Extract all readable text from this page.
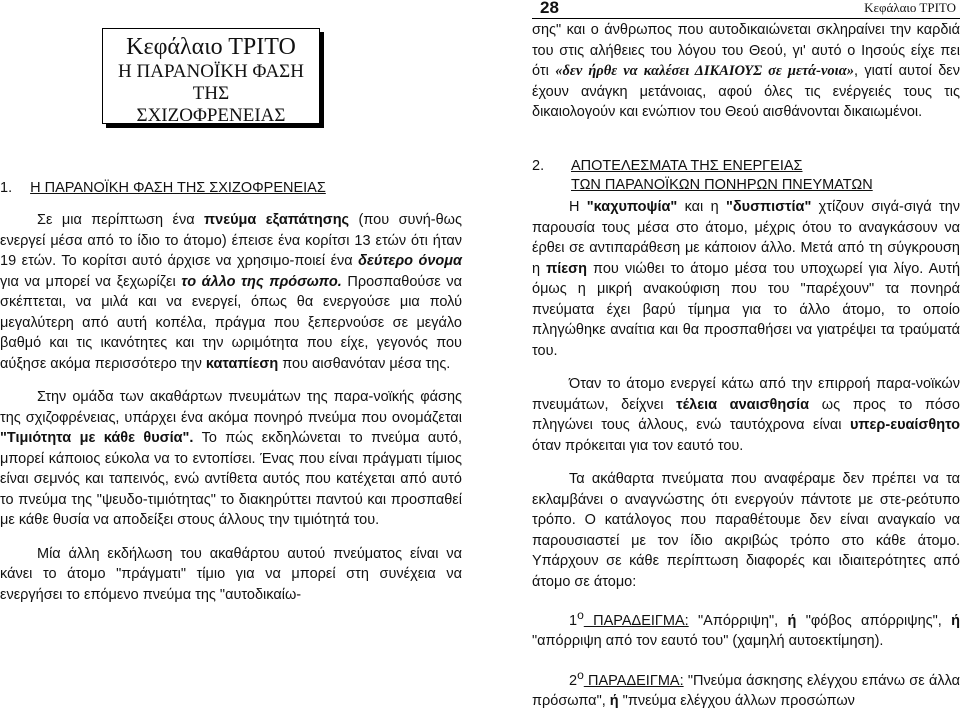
Κεφάλαιο ΤΡΙΤΟ
Η ΠΑΡΑΝΟΪΚΗ ΦΑΣΗ ΤΗΣ
ΣΧΙΖΟΦΡΕΝΕΙΑΣ
1. Η ΠΑΡΑΝΟΪΚΗ ΦΑΣΗ ΤΗΣ ΣΧΙΖΟΦΡΕΝΕΙΑΣ

Σε μια περίπτωση ένα πνεύμα εξαπάτησης (που συνή-θως ενεργεί μέσα από το ίδιο το άτομο) έπεισε ένα κορίτσι 13 ετών ότι ήταν 19 ετών. Το κορίτσι αυτό άρχισε να χρησιμο-ποιεί ένα δεύτερο όνομα για να μπορεί να ξεχωρίζει το άλλο της πρόσωπο. Προσπαθούσε να σκέπτεται, να μιλά και να ενεργεί, όπως θα ενεργούσε μια πολύ μεγαλύτερη από αυτή κοπέλα, πράγμα που ξεπερνούσε σε μεγάλο βαθμό και τις ικανότητες και την ωριμότητα που είχε, γεγονός που αύξησε ακόμα περισσότερο την καταπίεση που αισθανόταν μέσα της.

Στην ομάδα των ακαθάρτων πνευμάτων της παρα-νοϊκής φάσης της σχιζοφρένειας, υπάρχει ένα ακόμα πονηρό πνεύμα που ονομάζεται "Τιμιότητα με κάθε θυσία". Το πώς εκδηλώνεται το πνεύμα αυτό, μπορεί κάποιος εύκολα να το εντοπίσει. Ένας που είναι πράγματι τίμιος είναι σεμνός και ταπεινός, ενώ αντίθετα αυτός που κατέχεται από αυτό το πνεύμα της "ψευδο-τιμιότητας" το διακηρύττει παντού και προσπαθεί με κάθε θυσία να αποδείξει στους άλλους την τιμιότητά του.

Μία άλλη εκδήλωση του ακαθάρτου αυτού πνεύματος είναι να κάνει το άτομο "πράγματι" τίμιο για να μπορεί στη συνέχεια να ενεργήσει το επόμενο πνεύμα της "αυτοδικαίω-

28	Κεφάλαιο ΤΡΙΤΟ

σης" και ο άνθρωπος που αυτοδικαιώνεται σκληραίνει την καρδιά του στις αλήθειες του λόγου του Θεού, γι' αυτό ο Ιησούς είχε πει ότι «δεν ήρθε να καλέσει ΔΙΚΑΙΟΥΣ σε μετά-νοια», γιατί αυτοί δεν έχουν ανάγκη μετάνοιας, αφού όλες τις ενέργειές τους τις δικαιολογούν και ενώπιον του Θεού αισθάνονται δικαιωμένοι.

2. ΑΠΟΤΕΛΕΣΜΑΤΑ ΤΗΣ ΕΝΕΡΓΕΙΑΣ
ΤΩΝ ΠΑΡΑΝΟΪΚΩΝ ΠΟΝΗΡΩΝ ΠΝΕΥΜΑΤΩΝ

Η "καχυποψία" και η "δυσπιστία" χτίζουν σιγά-σιγά την παρουσία τους μέσα στο άτομο, μέχρις ότου το αναγκάσουν να έρθει σε αντιπαράθεση με κάποιον άλλο. Μετά από τη σύγκρουση η πίεση που νιώθει το άτομο μέσα του υποχωρεί για λίγο. Αυτή όμως η μικρή ανακούφιση που του "παρέχουν" τα πονηρά πνεύματα έχει βαρύ τίμημα για το άλλο άτομο, το οποίο πληγώθηκε αναίτια και θα προσπαθήσει να γιατρέψει τα τραύματά του.

Όταν το άτομο ενεργεί κάτω από την επιρροή παρα-νοϊκών πνευμάτων, δείχνει τέλεια αναισθησία ως προς το πόσο πληγώνει τους άλλους, ενώ ταυτόχρονα είναι υπερ-ευαίσθητο όταν πρόκειται για τον εαυτό του.

Τα ακάθαρτα πνεύματα που αναφέραμε δεν πρέπει να τα εκλαμβάνει ο αναγνώστης ότι ενεργούν πάντοτε με στε-ρεότυπο τρόπο. Ο κατάλογος που παραθέτουμε δεν είναι αναγκαίο να παρουσιαστεί με τον ίδιο ακριβώς τρόπο στο κάθε άτομο. Υπάρχουν σε κάθε περίπτωση διαφορές και ιδιαιτερότητες από άτομο σε άτομο:

$1^o$ ΠΑΡΑΔΕΙΓΜΑ: "Απόρριψη", ή "φόβος απόρριψης", ή "απόρριψη από τον εαυτό του" (χαμηλή αυτοεκτίμηση).

$2^o$ ΠΑΡΑΔΕΙΓΜΑ: "Πνεύμα άσκησης ελέγχου επάνω σε άλλα πρόσωπα", ή "πνεύμα ελέγχου άλλων προσώπων
